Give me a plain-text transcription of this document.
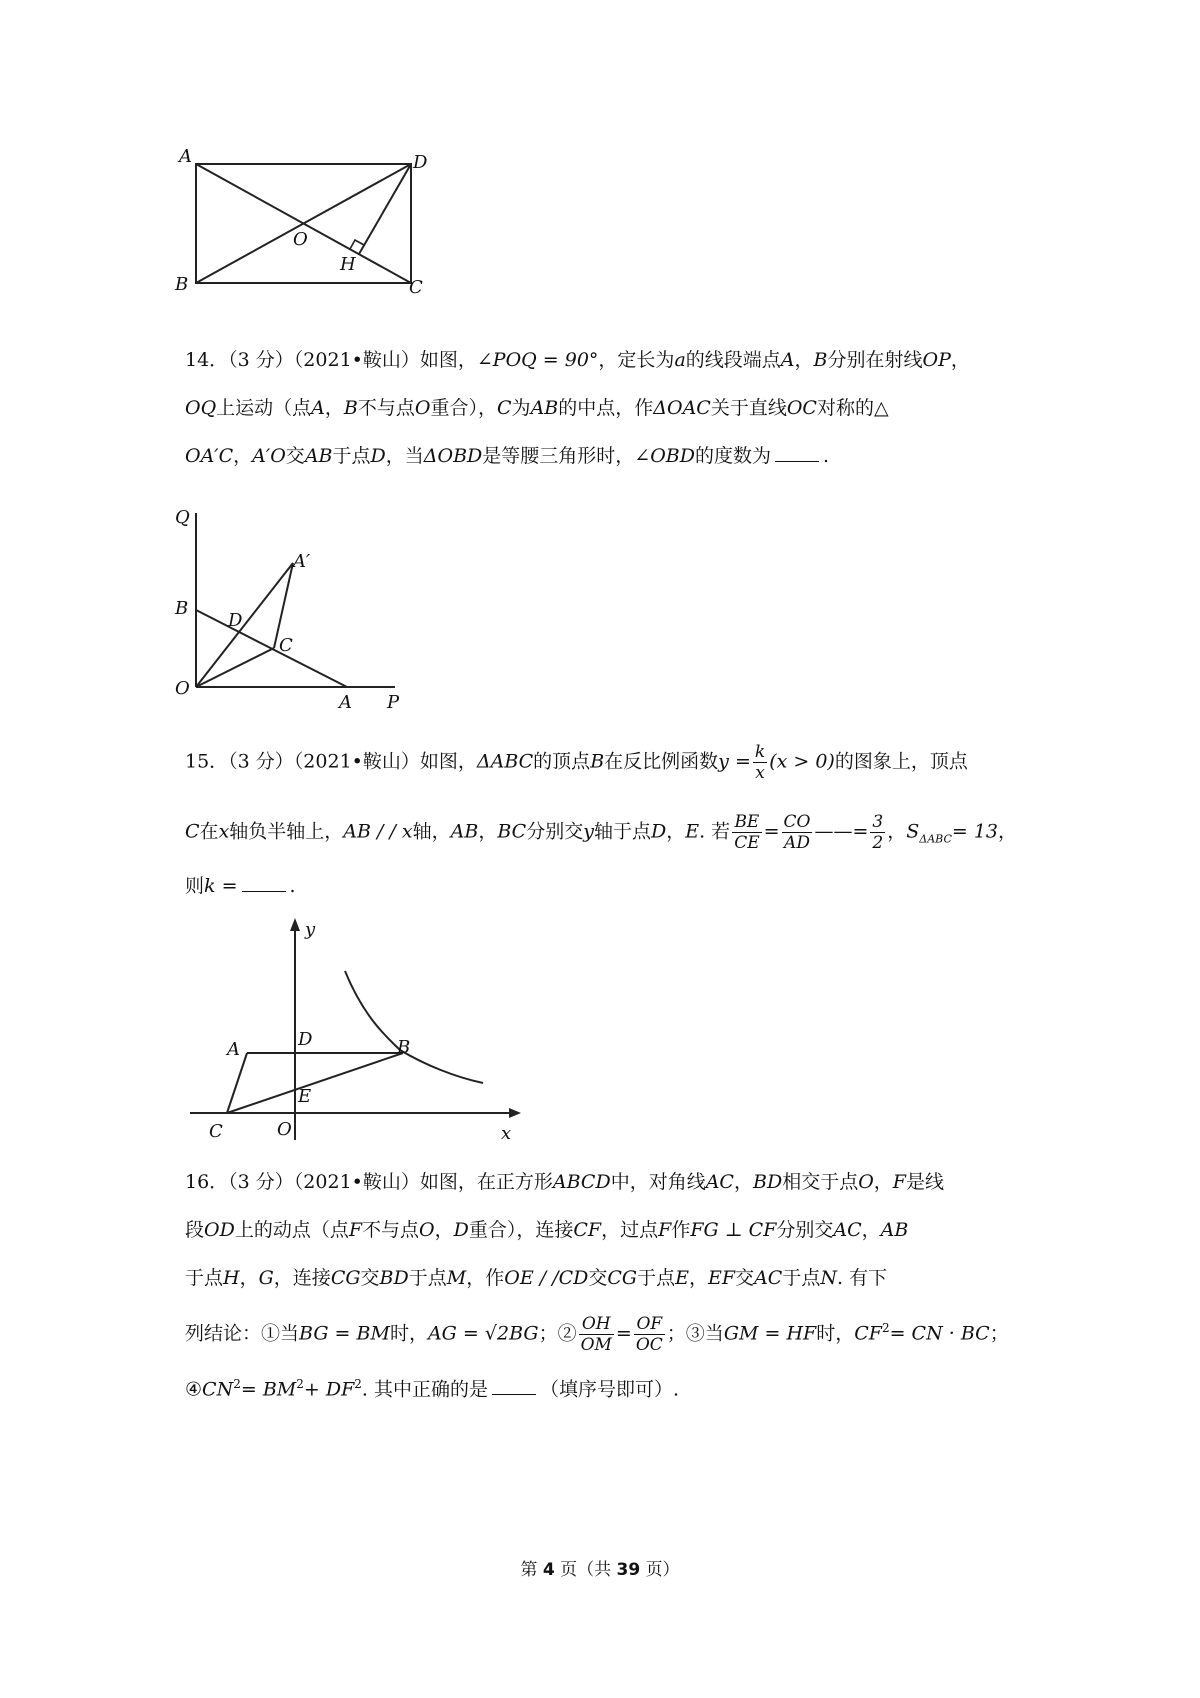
A
B	C
D
O
H
14．（3 分）（2021•鞍山）如图，∠POQ = 90°，定长为a的线段端点A，B分别在射线OP，
OQ上运动（点A，B不与点O重合），C为AB的中点，作ΔOAC关于直线OC对称的△
OA′C，A′O交AB于点D，当ΔOBD是等腰三角形时，∠OBD的度数为	.
Q
B
D
C
A′
O
A P
15．（3 分）（2021•鞍山）如图，ΔABC的顶点B在反比例函数$y = \frac{k}{x} (x > 0)$的图象上，顶点
C在x轴负半轴上，AB / / x轴，AB，BC分别交y轴于点D，E. 若 $\frac{BE}{CE} = \frac{CO}{AD}$ ——= $\frac{3}{2}$ ，$S_{\Delta ABC}= 13$，
则k =	.
y
D	B
A
E
C	O	x
16．（3 分）（2021•鞍山）如图，在正方形ABCD中，对角线AC，BD相交于点O，F是线
段OD上的动点（点F不与点O，D重合），连接CF，过点F作FG ⊥ CF分别交AC，AB
于点H，G，连接CG交BD于点M，作OE / /CD交CG于点E，EF交AC于点N. 有下
列结论：①当BG = BM时，AG = √2BG；② $\frac{OH}{OM} = \frac{OF}{OC}$ ；③当GM = HF时，$CF^2=$ CN · BC；
$④CN^2= BM^2+ DF^2$. 其中正确的是	（填序号即可）.
第 4 页（共 39 页）
